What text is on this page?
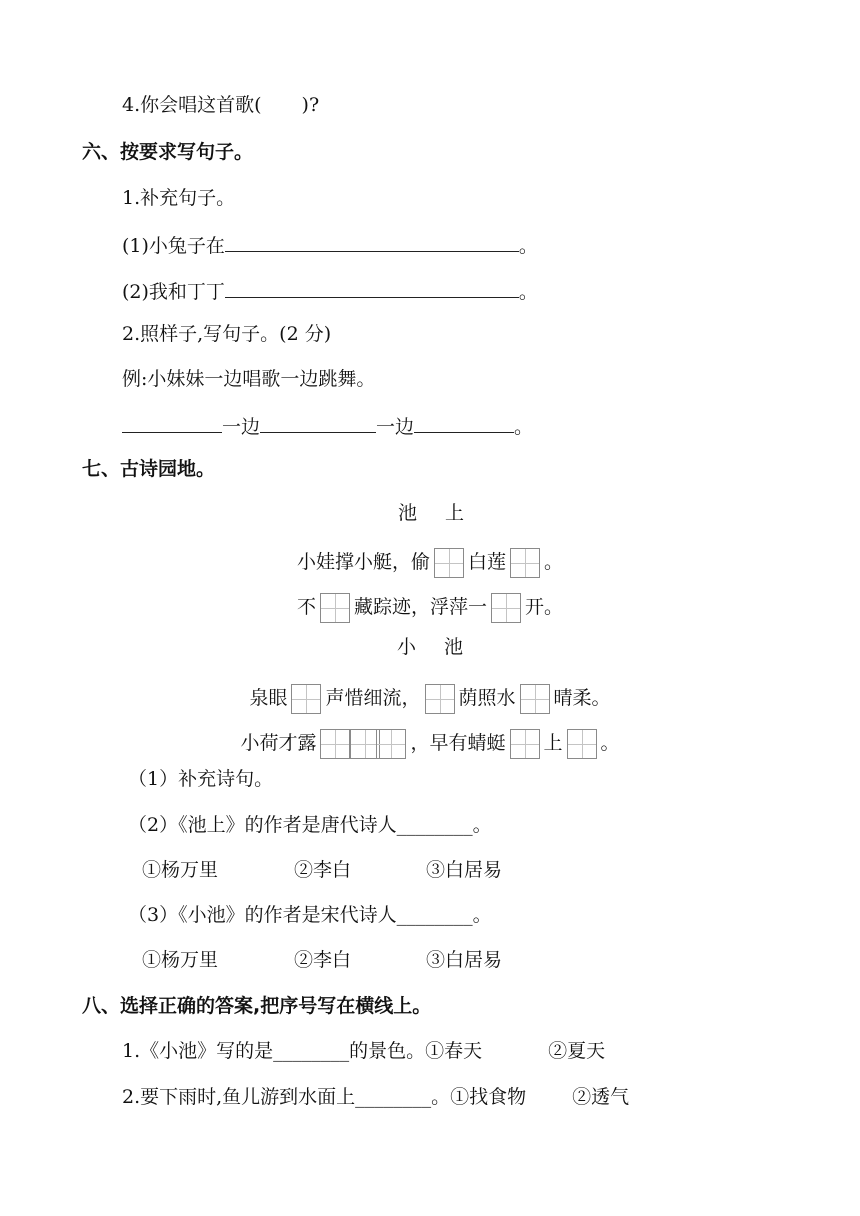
4.你会唱这首歌( )?
六、按要求写句子。
1.补充句子。
(1)小兔子在	。
(2)我和丁丁	。
2.照样子,写句子。(2 分)
例:小妹妹一边唱歌一边跳舞。
一边	一边	。
七、古诗园地。
池上
小娃撑小艇，偷 白莲 。
不 藏踪迹，浮萍一 开。
小池
泉眼 声惜细流， 荫照水 晴柔。
小荷才露	，早有蜻蜓 上 。
（1）补充诗句。
（2）《池上》的作者是唐代诗人________。
①杨万里	②李白	③白居易
（3）《小池》的作者是宋代诗人________。
①杨万里	②李白	③白居易
八、选择正确的答案,把序号写在横线上。
1.《小池》写的是________的景色。①春天	②夏天
2.要下雨时,鱼儿游到水面上________。①找食物 ②透气
